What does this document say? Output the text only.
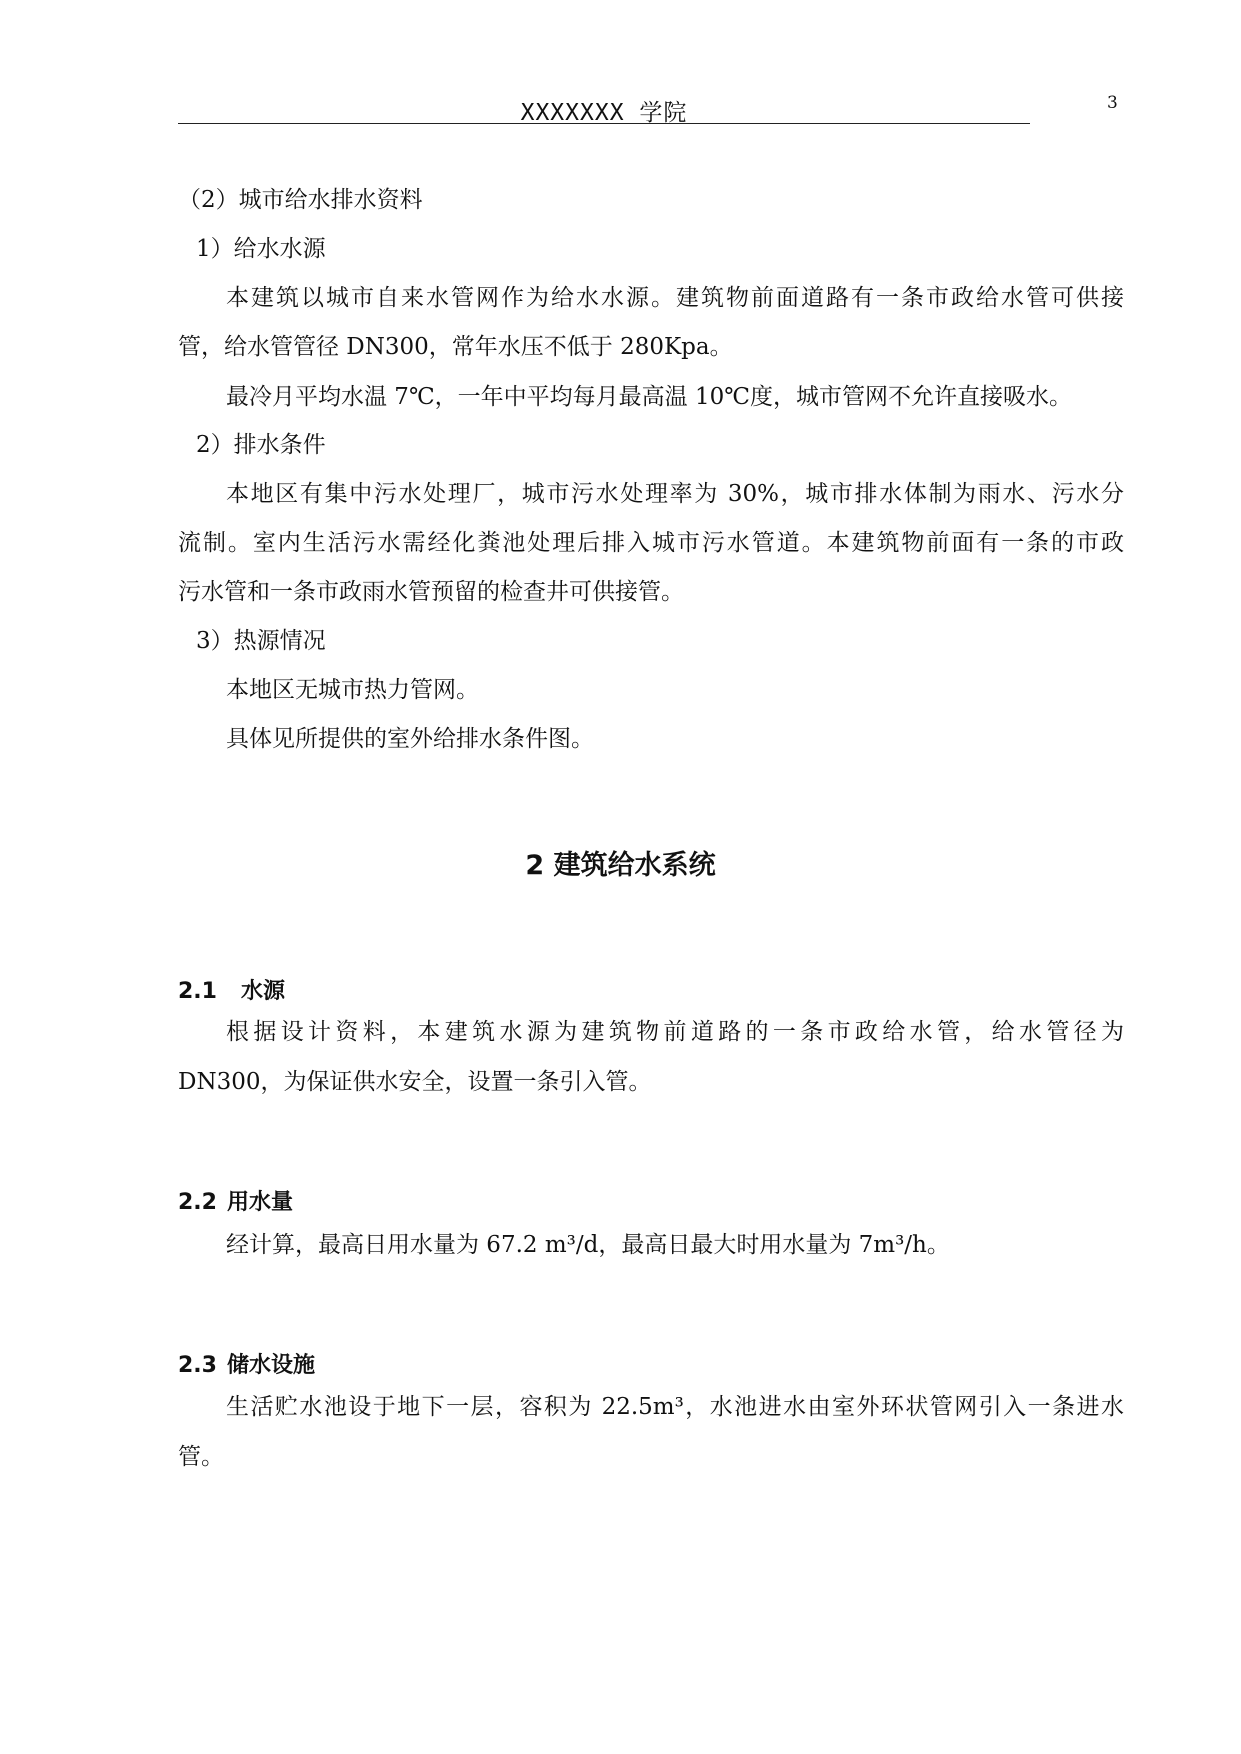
XXXXXXX 学院	3
（2）城市给水排水资料
1）给水水源
本建筑以城市自来水管网作为给水水源。建筑物前面道路有一条市政给水管可供接
管，给水管管径 DN300，常年水压不低于 280Kpa。
最冷月平均水温 7℃，一年中平均每月最高温 10℃度，城市管网不允许直接吸水。
2）排水条件
本地区有集中污水处理厂，城市污水处理率为 30%，城市排水体制为雨水、污水分
流制。室内生活污水需经化粪池处理后排入城市污水管道。本建筑物前面有一条的市政
污水管和一条市政雨水管预留的检查井可供接管。
3）热源情况
本地区无城市热力管网。
具体见所提供的室外给排水条件图。
2 建筑给水系统
2.1 水源
根据设计资料，本建筑水源为建筑物前道路的一条市政给水管，给水管径为
DN300，为保证供水安全，设置一条引入管。
2.2 用水量
经计算，最高日用水量为 67.2 m³/d，最高日最大时用水量为 7m³/h。
2.3 储水设施
生活贮水池设于地下一层，容积为 22.5m³，水池进水由室外环状管网引入一条进水
管。
